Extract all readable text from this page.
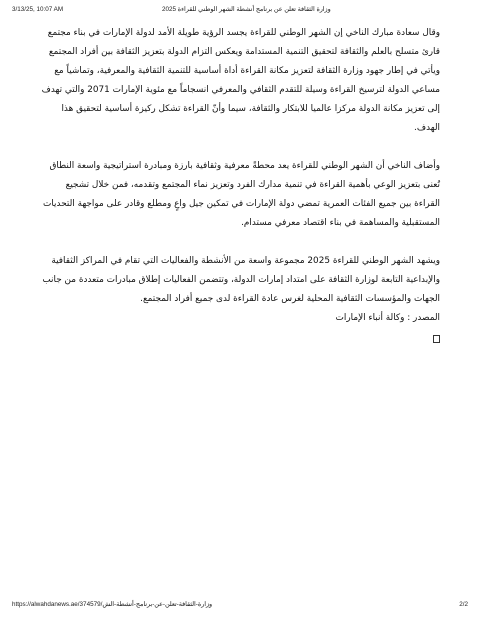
3/13/25, 10:07 AM	وزارة الثقافة تعلن عن برنامج أنشطة الشهر الوطني للقراءة 2025

وقال سعادة مبارك الناخي إن الشهر الوطني للقراءة يجسد الرؤية طويلة الأمد لدولة الإمارات في بناء مجتمع قارئ متسلح بالعلم والثقافة لتحقيق التنمية المستدامة ويعكس التزام الدولة بتعزيز الثقافة بين أفراد المجتمع ويأتي في إطار جهود وزارة الثقافة لتعزيز مكانة القراءة أداة أساسية للتنمية الثقافية والمعرفية، وتماشياً مع مساعي الدولة لترسيخ القراءة وسيلة للتقدم الثقافي والمعرفي انسجاماً مع مئوية الإمارات 2071 والتي تهدف إلى تعزيز مكانة الدولة مركزا عالميا للابتكار والثقافة، سيما وأنّ القراءة تشكل ركيزة أساسية لتحقيق هذا الهدف.

وأضاف الناخي أن الشهر الوطني للقراءة يعد محطةً معرفية وثقافية بارزة ومبادرة استراتيجية واسعة النطاق تُعنى بتعزيز الوعي بأهمية القراءة في تنمية مدارك الفرد وتعزيز نماء المجتمع وتقدمه، فمن خلال تشجيع القراءة بين جميع الفئات العمرية تمضي دولة الإمارات في تمكين جيل واعٍ ومطلع وقادر على مواجهة التحديات المستقبلية والمساهمة في بناء اقتصاد معرفي مستدام.

ويشهد الشهر الوطني للقراءة 2025 مجموعة واسعة من الأنشطة والفعاليات التي تقام في المراكز الثقافية والإبداعية التابعة لوزارة الثقافة على امتداد إمارات الدولة، وتتضمن الفعاليات إطلاق مبادرات متعددة من جانب الجهات والمؤسسات الثقافية المحلية لغرس عادة القراءة لدى جميع أفراد المجتمع.

المصدر : وكالة أنباء الإمارات

https://alwahdanews.ae/374579/وزارة-الثقافة-تعلن-عن-برنامج-أنشطة-الش	2/2
